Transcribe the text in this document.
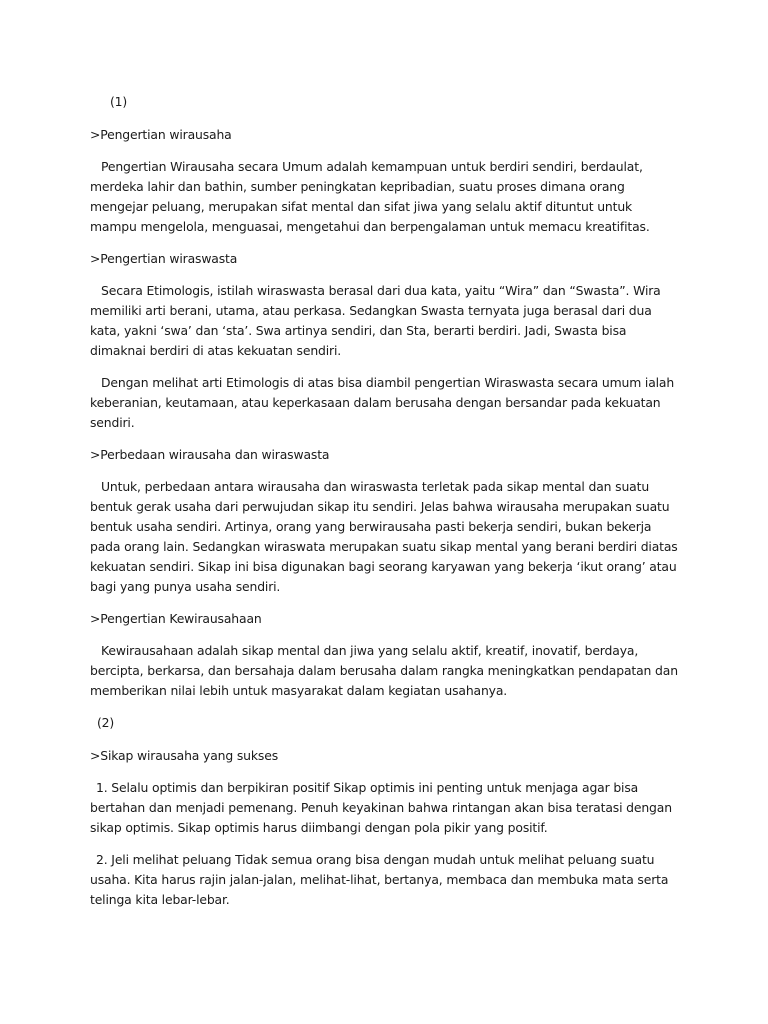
(1)
>Pengertian wirausaha
Pengertian Wirausaha secara Umum adalah kemampuan untuk berdiri sendiri, berdaulat, merdeka lahir dan bathin, sumber peningkatan kepribadian, suatu proses dimana orang mengejar peluang, merupakan sifat mental dan sifat jiwa yang selalu aktif dituntut untuk mampu mengelola, menguasai, mengetahui dan berpengalaman untuk memacu kreatifitas.
>Pengertian wiraswasta
Secara Etimologis, istilah wiraswasta berasal dari dua kata, yaitu “Wira” dan “Swasta”. Wira memiliki arti berani, utama, atau perkasa. Sedangkan Swasta ternyata juga berasal dari dua kata, yakni ‘swa’ dan ‘sta’. Swa artinya sendiri, dan Sta, berarti berdiri. Jadi, Swasta bisa dimaknai berdiri di atas kekuatan sendiri.
Dengan melihat arti Etimologis di atas bisa diambil pengertian Wiraswasta secara umum ialah keberanian, keutamaan, atau keperkasaan dalam berusaha dengan bersandar pada kekuatan sendiri.
>Perbedaan wirausaha dan wiraswasta
Untuk, perbedaan antara wirausaha dan wiraswasta terletak pada sikap mental dan suatu bentuk gerak usaha dari perwujudan sikap itu sendiri. Jelas bahwa wirausaha merupakan suatu bentuk usaha sendiri. Artinya, orang yang berwirausaha pasti bekerja sendiri, bukan bekerja pada orang lain. Sedangkan wiraswata merupakan suatu sikap mental yang berani berdiri diatas kekuatan sendiri. Sikap ini bisa digunakan bagi seorang karyawan yang bekerja ‘ikut orang’ atau bagi yang punya usaha sendiri.
>Pengertian Kewirausahaan
Kewirausahaan adalah sikap mental dan jiwa yang selalu aktif, kreatif, inovatif, berdaya, bercipta, berkarsa, dan bersahaja dalam berusaha dalam rangka meningkatkan pendapatan dan memberikan nilai lebih untuk masyarakat dalam kegiatan usahanya.
(2)
>Sikap wirausaha yang sukses
1. Selalu optimis dan berpikiran positif Sikap optimis ini penting untuk menjaga agar bisa bertahan dan menjadi pemenang. Penuh keyakinan bahwa rintangan akan bisa teratasi dengan sikap optimis. Sikap optimis harus diimbangi dengan pola pikir yang positif.
2. Jeli melihat peluang Tidak semua orang bisa dengan mudah untuk melihat peluang suatu usaha. Kita harus rajin jalan-jalan, melihat-lihat, bertanya, membaca dan membuka mata serta telinga kita lebar-lebar.
